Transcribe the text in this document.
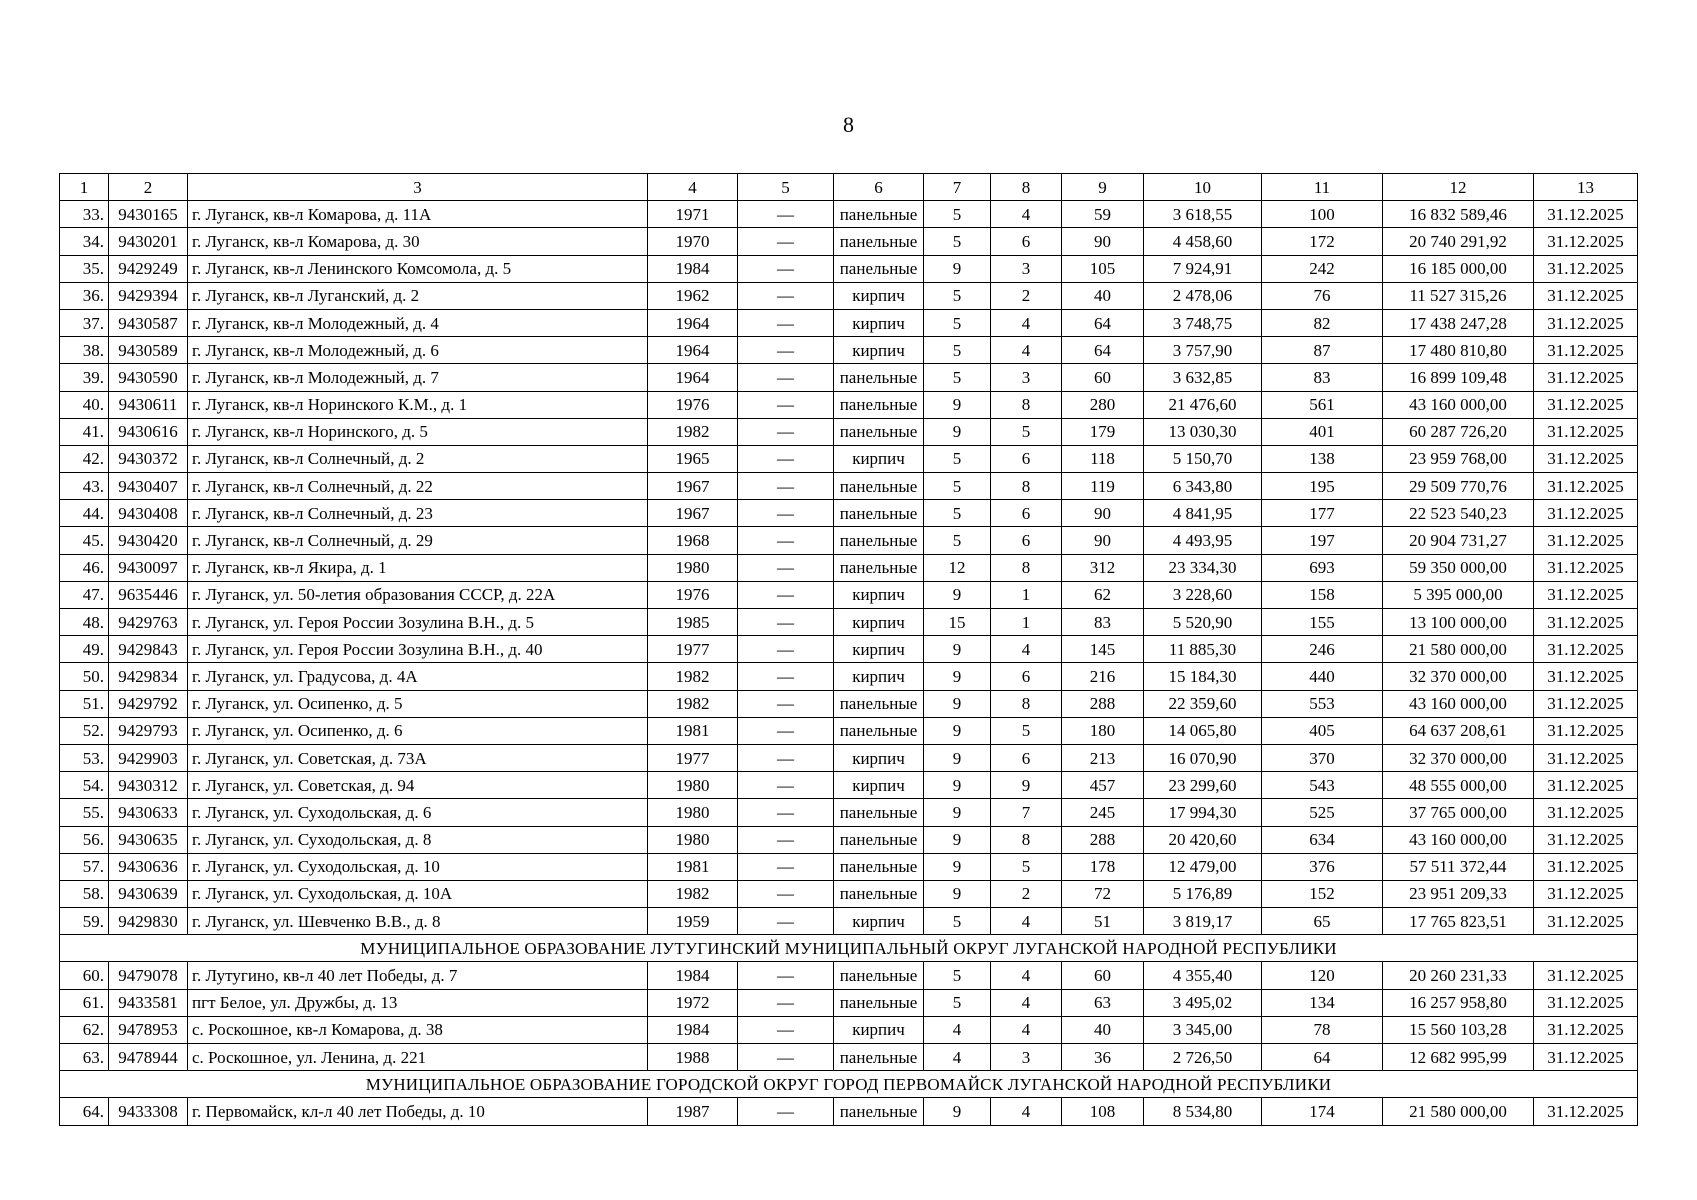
8
1	2	3	4	5	6	7	8	9	10	11	12	13
33.	9430165	г. Луганск, кв-л Комарова, д. 11А	1971	—	панельные	5	4	59	3 618,55	100	16 832 589,46	31.12.2025
34.	9430201	г. Луганск, кв-л Комарова, д. 30	1970	—	панельные	5	6	90	4 458,60	172	20 740 291,92	31.12.2025
35.	9429249	г. Луганск, кв-л Ленинского Комсомола, д. 5	1984	—	панельные	9	3	105	7 924,91	242	16 185 000,00	31.12.2025
36.	9429394	г. Луганск, кв-л Луганский, д. 2	1962	—	кирпич	5	2	40	2 478,06	76	11 527 315,26	31.12.2025
37.	9430587	г. Луганск, кв-л Молодежный, д. 4	1964	—	кирпич	5	4	64	3 748,75	82	17 438 247,28	31.12.2025
38.	9430589	г. Луганск, кв-л Молодежный, д. 6	1964	—	кирпич	5	4	64	3 757,90	87	17 480 810,80	31.12.2025
39.	9430590	г. Луганск, кв-л Молодежный, д. 7	1964	—	панельные	5	3	60	3 632,85	83	16 899 109,48	31.12.2025
40.	9430611	г. Луганск, кв-л Норинского К.М., д. 1	1976	—	панельные	9	8	280	21 476,60	561	43 160 000,00	31.12.2025
41.	9430616	г. Луганск, кв-л Норинского, д. 5	1982	—	панельные	9	5	179	13 030,30	401	60 287 726,20	31.12.2025
42.	9430372	г. Луганск, кв-л Солнечный, д. 2	1965	—	кирпич	5	6	118	5 150,70	138	23 959 768,00	31.12.2025
43.	9430407	г. Луганск, кв-л Солнечный, д. 22	1967	—	панельные	5	8	119	6 343,80	195	29 509 770,76	31.12.2025
44.	9430408	г. Луганск, кв-л Солнечный, д. 23	1967	—	панельные	5	6	90	4 841,95	177	22 523 540,23	31.12.2025
45.	9430420	г. Луганск, кв-л Солнечный, д. 29	1968	—	панельные	5	6	90	4 493,95	197	20 904 731,27	31.12.2025
46.	9430097	г. Луганск, кв-л Якира, д. 1	1980	—	панельные	12	8	312	23 334,30	693	59 350 000,00	31.12.2025
47.	9635446	г. Луганск, ул. 50-летия образования СССР, д. 22А	1976	—	кирпич	9	1	62	3 228,60	158	5 395 000,00	31.12.2025
48.	9429763	г. Луганск, ул. Героя России Зозулина В.Н., д. 5	1985	—	кирпич	15	1	83	5 520,90	155	13 100 000,00	31.12.2025
49.	9429843	г. Луганск, ул. Героя России Зозулина В.Н., д. 40	1977	—	кирпич	9	4	145	11 885,30	246	21 580 000,00	31.12.2025
50.	9429834	г. Луганск, ул. Градусова, д. 4А	1982	—	кирпич	9	6	216	15 184,30	440	32 370 000,00	31.12.2025
51.	9429792	г. Луганск, ул. Осипенко, д. 5	1982	—	панельные	9	8	288	22 359,60	553	43 160 000,00	31.12.2025
52.	9429793	г. Луганск, ул. Осипенко, д. 6	1981	—	панельные	9	5	180	14 065,80	405	64 637 208,61	31.12.2025
53.	9429903	г. Луганск, ул. Советская, д. 73А	1977	—	кирпич	9	6	213	16 070,90	370	32 370 000,00	31.12.2025
54.	9430312	г. Луганск, ул. Советская, д. 94	1980	—	кирпич	9	9	457	23 299,60	543	48 555 000,00	31.12.2025
55.	9430633	г. Луганск, ул. Суходольская, д. 6	1980	—	панельные	9	7	245	17 994,30	525	37 765 000,00	31.12.2025
56.	9430635	г. Луганск, ул. Суходольская, д. 8	1980	—	панельные	9	8	288	20 420,60	634	43 160 000,00	31.12.2025
57.	9430636	г. Луганск, ул. Суходольская, д. 10	1981	—	панельные	9	5	178	12 479,00	376	57 511 372,44	31.12.2025
58.	9430639	г. Луганск, ул. Суходольская, д. 10А	1982	—	панельные	9	2	72	5 176,89	152	23 951 209,33	31.12.2025
59.	9429830	г. Луганск, ул. Шевченко В.В., д. 8	1959	—	кирпич	5	4	51	3 819,17	65	17 765 823,51	31.12.2025
МУНИЦИПАЛЬНОЕ ОБРАЗОВАНИЕ ЛУТУГИНСКИЙ МУНИЦИПАЛЬНЫЙ ОКРУГ ЛУГАНСКОЙ НАРОДНОЙ РЕСПУБЛИКИ												
60.	9479078	г. Лутугино, кв-л 40 лет Победы, д. 7	1984	—	панельные	5	4	60	4 355,40	120	20 260 231,33	31.12.2025
61.	9433581	пгт Белое, ул. Дружбы, д. 13	1972	—	панельные	5	4	63	3 495,02	134	16 257 958,80	31.12.2025
62.	9478953	с. Роскошное, кв-л Комарова, д. 38	1984	—	кирпич	4	4	40	3 345,00	78	15 560 103,28	31.12.2025
63.	9478944	с. Роскошное, ул. Ленина, д. 221	1988	—	панельные	4	3	36	2 726,50	64	12 682 995,99	31.12.2025
МУНИЦИПАЛЬНОЕ ОБРАЗОВАНИЕ ГОРОДСКОЙ ОКРУГ ГОРОД ПЕРВОМАЙСК ЛУГАНСКОЙ НАРОДНОЙ РЕСПУБЛИКИ												
64.	9433308	г. Первомайск, кл-л 40 лет Победы, д. 10	1987	—	панельные	9	4	108	8 534,80	174	21 580 000,00	31.12.2025
